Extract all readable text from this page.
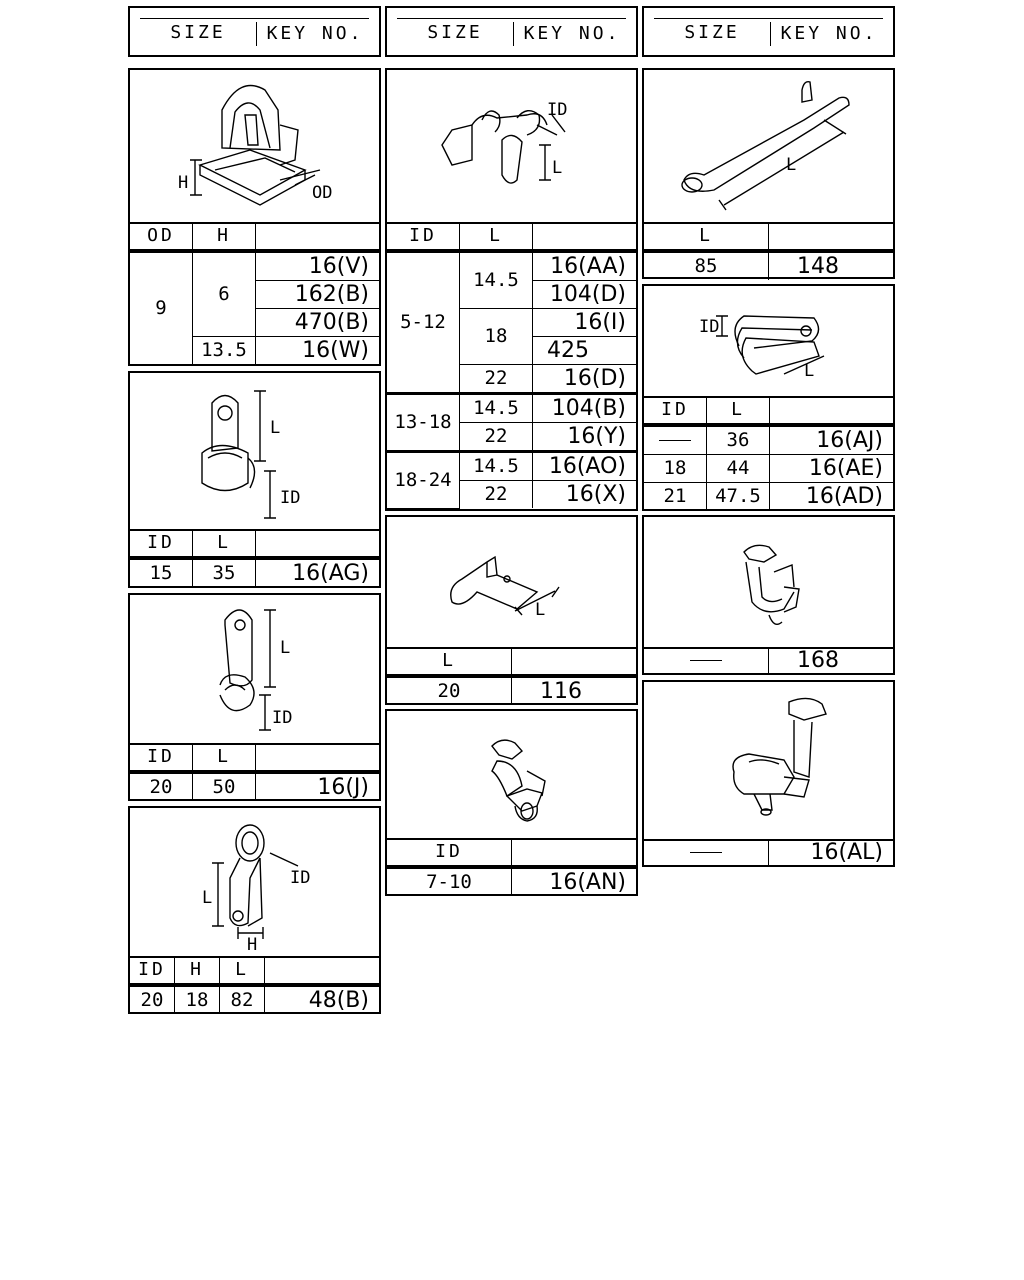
SIZE	KEY NO.	SIZE	KEY NO.	SIZE	KEY NO.
H	OD
OD	H	
9	6	16(V)
		162(B)
		470(B)
	13.5	16(W)
L
ID
ID	L	
15	35	16(AG)
L
ID
ID	L	
20	50	16(J)
L
H
ID
ID	H	L	
20	18	82	48(B)
ID
L
ID	L	
5-12	14.5	16(AA)
		104(D)
	18	16(I)
		425
	22	16(D)
13-18	14.5	104(B)
	22	16(Y)
18-24	14.5	16(AO)
	22	16(X)
L
L	
20	116
ID	
7-10	16(AN)
L
L	
85	148
ID
L
ID	L	
	36	16(AJ)
18	44	16(AE)
21	47.5	16(AD)
	168
	16(AL)
